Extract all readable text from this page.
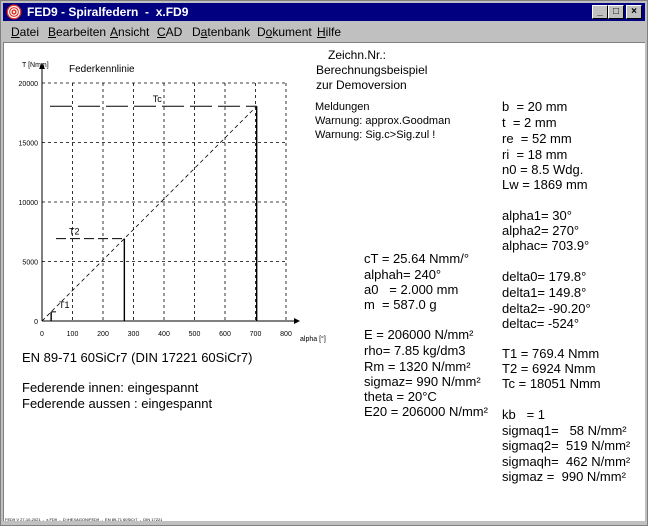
FED9 - Spiralfedern  -  x.FD9	_	□	×
Datei Bearbeiten Ansicht CAD Datenbank Dokument Hilfe
0	100	200	300	400	500	600	700	800
0
5000
10000
15000
20000
T1
T2
Tc
T [Nmm]
alpha [°]
Federkennlinie
Zeichn.Nr.:
Berechnungsbeispiel
zur Demoversion
Meldungen
Warnung: approx.Goodman
Warnung: Sig.c>Sig.zul !
b  = 20 mm
t  = 2 mm
re  = 52 mm
ri  = 18 mm
n0 = 8.5 Wdg.
Lw = 1869 mm
alpha1= 30°
alpha2= 270°
alphac= 703.9°
cT = 25.64 Nmm/°
alphah= 240°
a0   = 2.000 mm
m  = 587.0 g
delta0= 179.8°
delta1= 149.8°
delta2= -90.20°
deltac= -524°
E = 206000 N/mm²
rho= 7.85 kg/dm3
Rm = 1320 N/mm²
sigmaz= 990 N/mm²
theta = 20°C
E20 = 206000 N/mm²
T1 = 769.4 Nmm
T2 = 6924 Nmm
Tc = 18051 Nmm
kb   = 1
sigmaq1=   58 N/mm²
sigmaq2=  519 N/mm²
sigmaqh=  462 N/mm²
sigmaz =  990 N/mm²
EN 89-71 60SiCr7 (DIN 17221 60SiCr7)
Federende innen: eingespannt
Federende aussen : eingespannt
FED9 V 27-10-2021  -  x.FD9  -  D:\HEXAGON\FED9  -  EN 89-71 60SiCr7  -  DIN 17221
